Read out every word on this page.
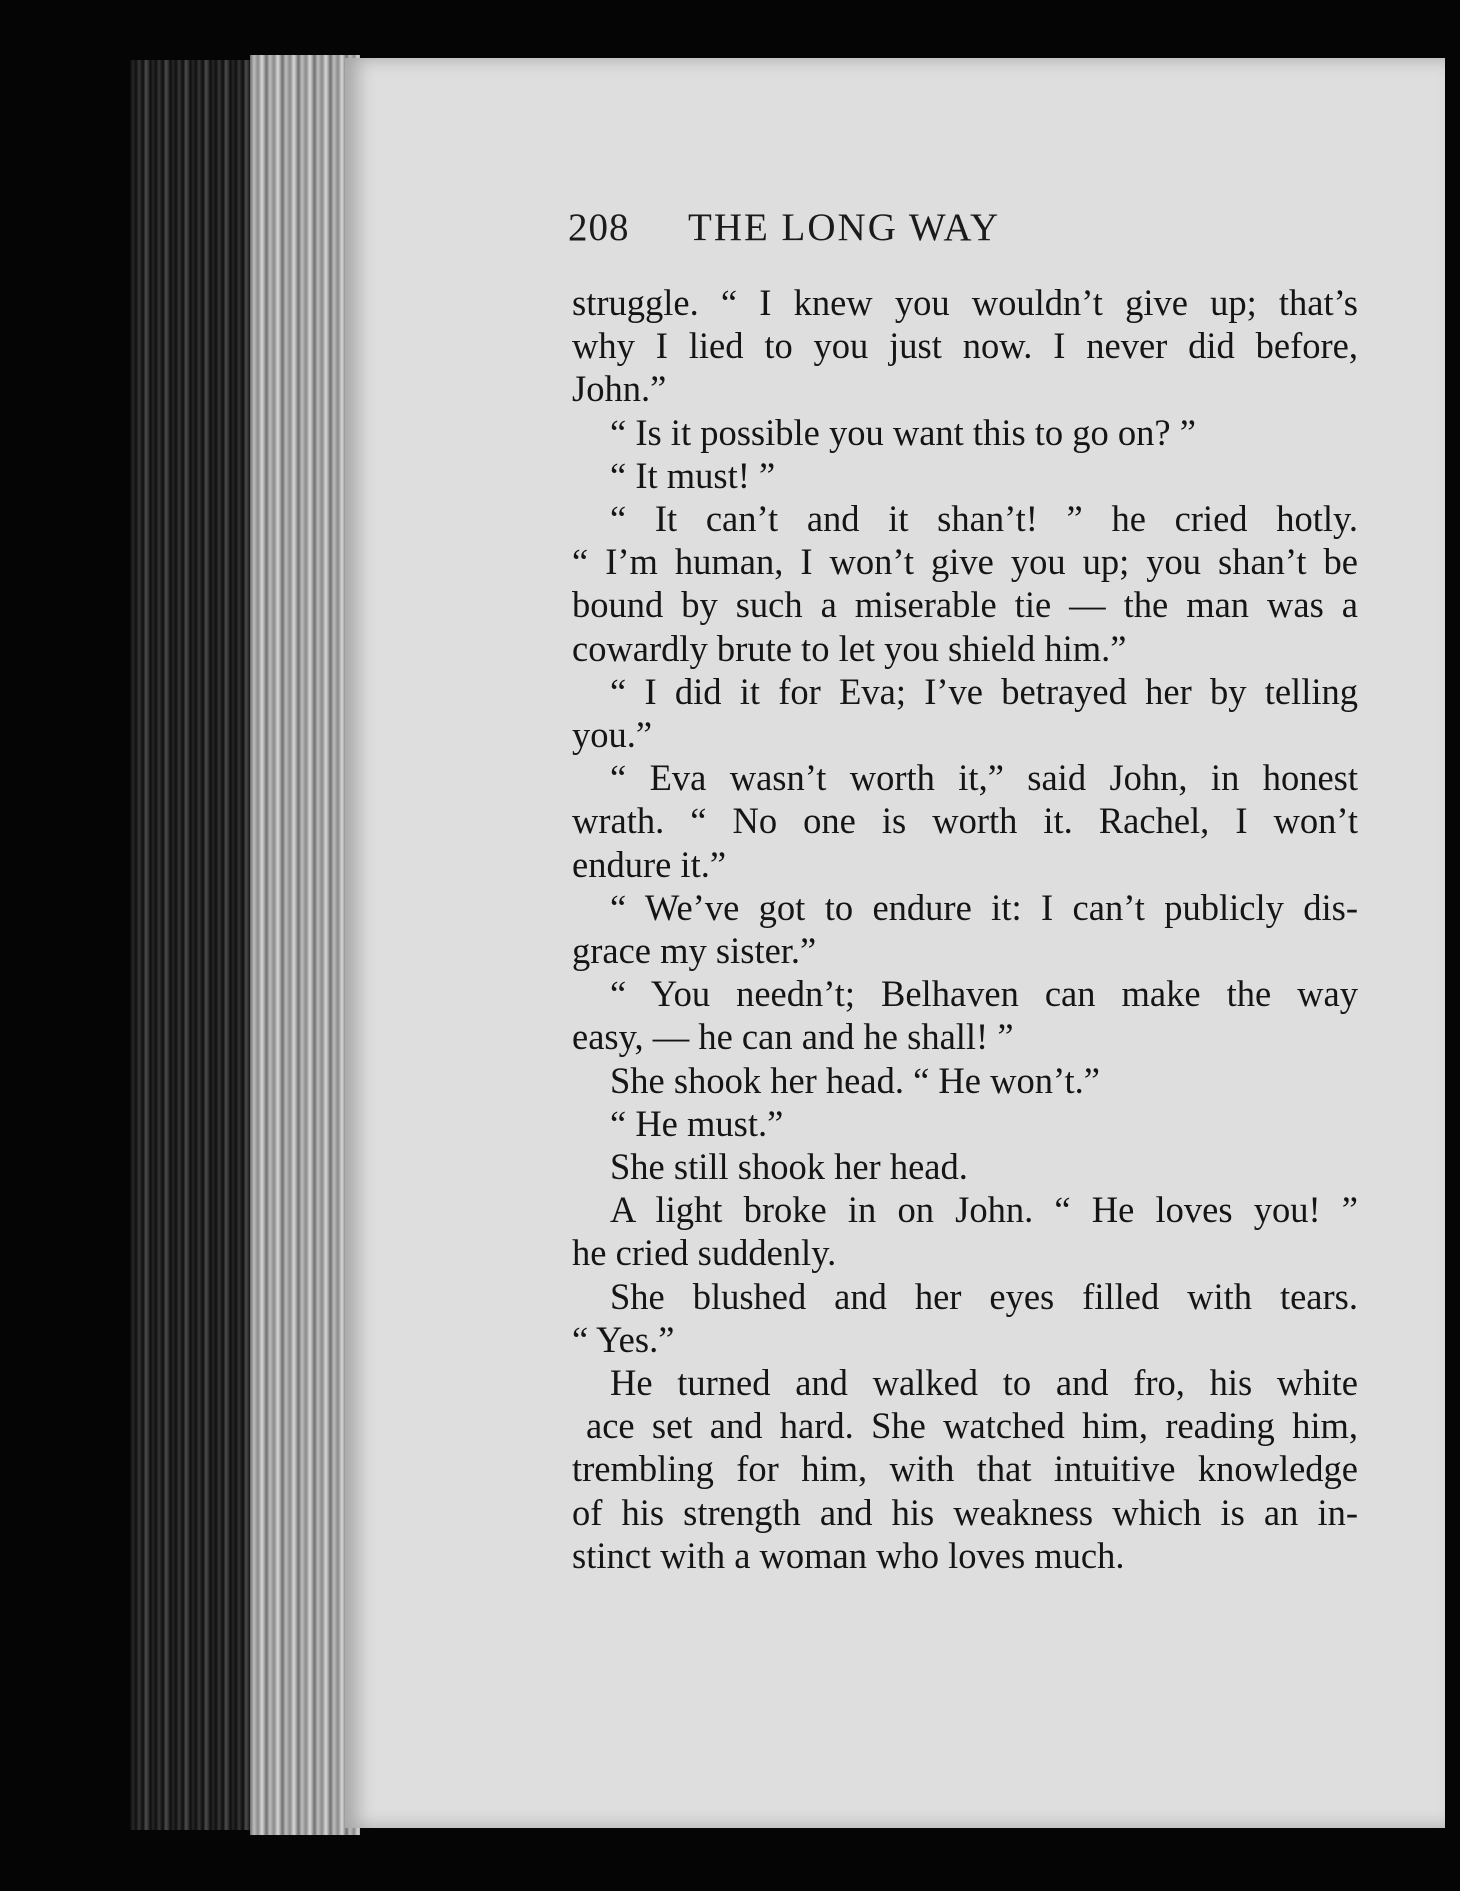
208 THE LONG WAY
struggle. “ I knew you wouldn’t give up; that’s
why I lied to you just now. I never did before,
John.”
“ Is it possible you want this to go on? ”
“ It must! ”
“ It can’t and it shan’t! ” he cried hotly.
“ I’m human, I won’t give you up; you shan’t be
bound by such a miserable tie — the man was a
cowardly brute to let you shield him.”
“ I did it for Eva; I’ve betrayed her by telling
you.”
“ Eva wasn’t worth it,” said John, in honest
wrath. “ No one is worth it. Rachel, I won’t
endure it.”
“ We’ve got to endure it: I can’t publicly dis-
grace my sister.”
“ You needn’t; Belhaven can make the way
easy, — he can and he shall! ”
She shook her head. “ He won’t.”
“ He must.”
She still shook her head.
A light broke in on John. “ He loves you! ”
he cried suddenly.
She blushed and her eyes filled with tears.
“ Yes.”
He turned and walked to and fro, his white
ace set and hard. She watched him, reading him,
trembling for him, with that intuitive knowledge
of his strength and his weakness which is an in-
stinct with a woman who loves much.
